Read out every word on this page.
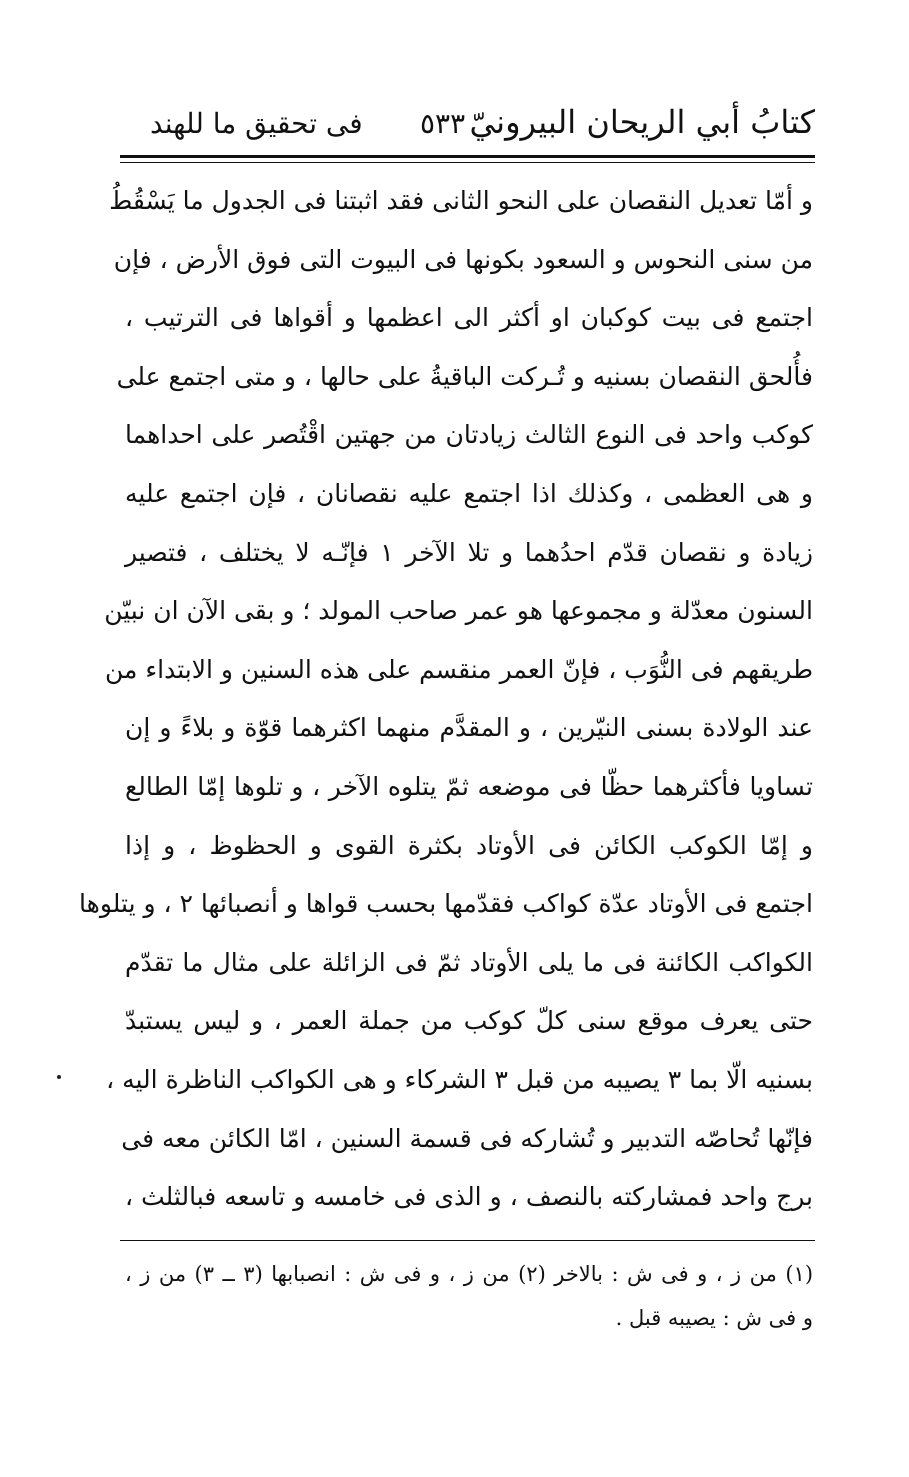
كتابُ أبي الريحان البيرونيّ
٥٣٣
فى تحقيق ما للهند
و أمّا تعديل النقصان على النحو الثانى فقد اثبتنا فى الجدول ما يَسْقُطُ
من سنى النحوس و السعود بكونها فى البيوت التى فوق الأرض ، فإن
اجتمع فى بيت كوكبان او أكثر الى اعظمها و أقواها فى الترتيب ،
فأُلحق النقصان بسنيه و تُـركت الباقيةُ على حالها ، و متى اجتمع على
كوكب واحد فى النوع الثالث زيادتان من جهتين اقْتُصر على احداهما
و هى العظمى ، وكذلك اذا اجتمع عليه نقصانان ، فإن اجتمع عليه
زيادة و نقصان قدّم احدُهما و تلا الآخر ١ فإنّـه لا يختلف ، فتصير
السنون معدّلة و مجموعها هو عمر صاحب المولد ؛ و بقى الآن ان نبيّن
طريقهم فى النُّوَب ، فإنّ العمر منقسم على هذه السنين و الابتداء من
عند الولادة بسنى النيّرين ، و المقدَّم منهما اكثرهما قوّة و بلاءً و إن
تساويا فأكثرهما حظّا فى موضعه ثمّ يتلوه الآخر ، و تلوها إمّا الطالع
و إمّا الكوكب الكائن فى الأوتاد بكثرة القوى و الحظوظ ، و إذا
اجتمع فى الأوتاد عدّة كواكب فقدّمها بحسب قواها و أنصبائها ٢ ، و يتلوها
الكواكب الكائنة فى ما يلى الأوتاد ثمّ فى الزائلة على مثال ما تقدّم
حتى يعرف موقع سنى كلّ كوكب من جملة العمر ، و ليس يستبدّ
بسنيه الّا بما ٣ يصيبه من قبل ٣ الشركاء و هى الكواكب الناظرة اليه ،
فإنّها تُحاصّه التدبير و تُشاركه فى قسمة السنين ، امّا الكائن معه فى
برج واحد فمشاركته بالنصف ، و الذى فى خامسه و تاسعه فبالثلث ،
(١) من ز ، و فى ش : بالاخر (٢) من ز ، و فى ش : انصبابها (٣ ــ ٣) من ز ،
و فى ش : يصيبه قبل .
